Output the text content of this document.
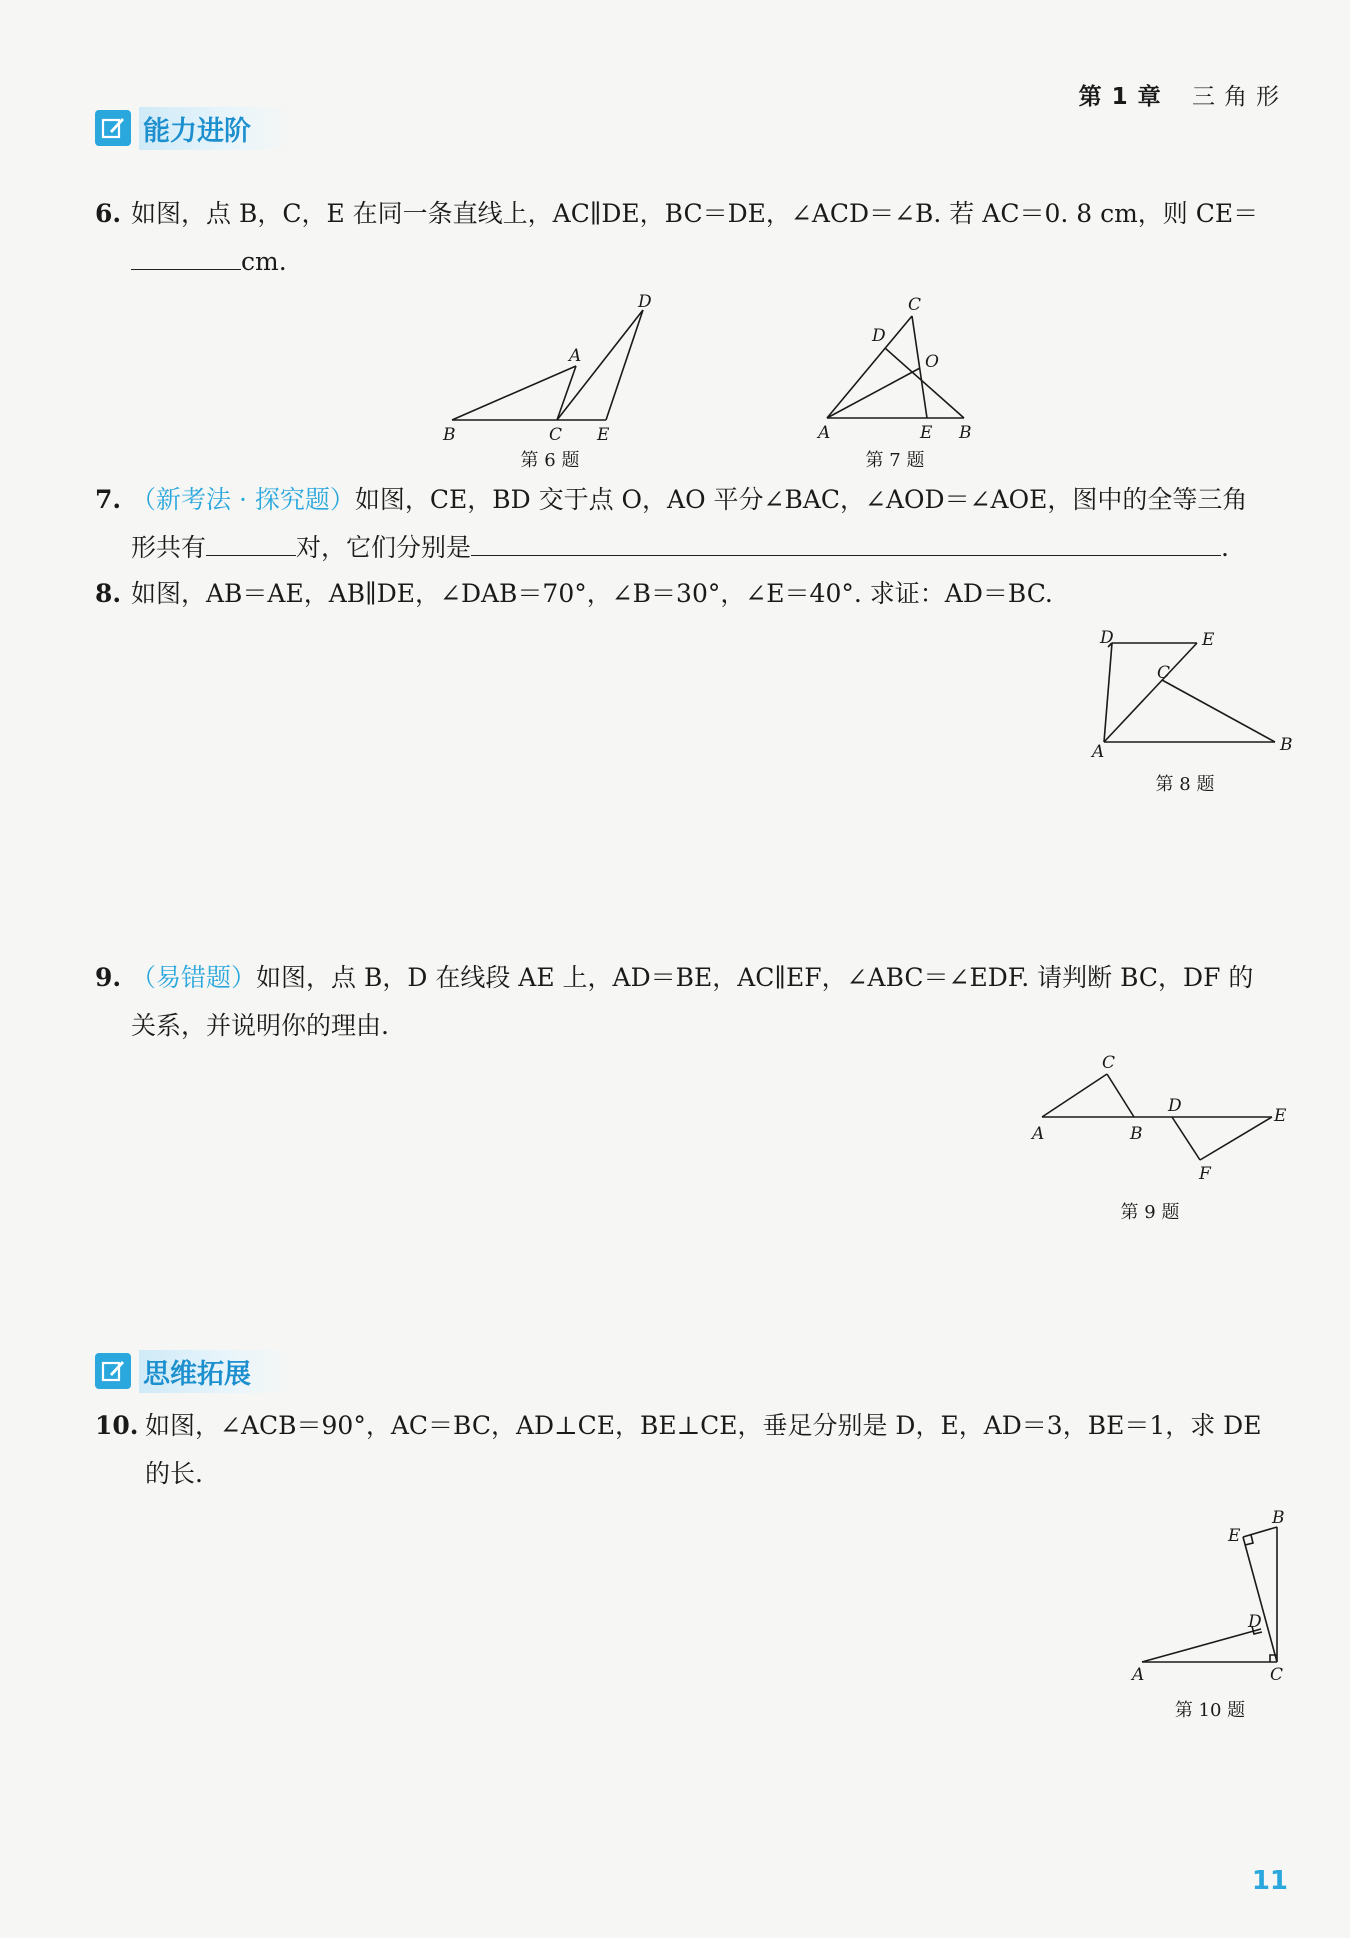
第 1 章 三角形
能力进阶
6. 如图，点 B，C，E 在同一条直线上，AC∥DE，BC＝DE，∠ACD＝∠B. 若 AC＝0. 8 cm，则 CE＝
cm.
B	C E
A
D
第 6 题
A	E B
C
D
O
第 7 题
7. （新考法 · 探究题）如图，CE，BD 交于点 O，AO 平分∠BAC，∠AOD＝∠AOE，图中的全等三角
形共有	对，它们分别是	.
8. 如图，AB＝AE，AB∥DE，∠DAB＝70°，∠B＝30°，∠E＝40°. 求证：AD＝BC.
D	E
C
A	B
第 8 题
9. （易错题）如图，点 B，D 在线段 AE 上，AD＝BE，AC∥EF，∠ABC＝∠EDF. 请判断 BC，DF 的
关系，并说明你的理由.
A
C
B
D	E
F
第 9 题
思维拓展
10. 如图，∠ACB＝90°，AC＝BC，AD⊥CE，BE⊥CE，垂足分别是 D，E，AD＝3，BE＝1，求 DE
的长.
B
E
D
A	C
第 10 题
11
